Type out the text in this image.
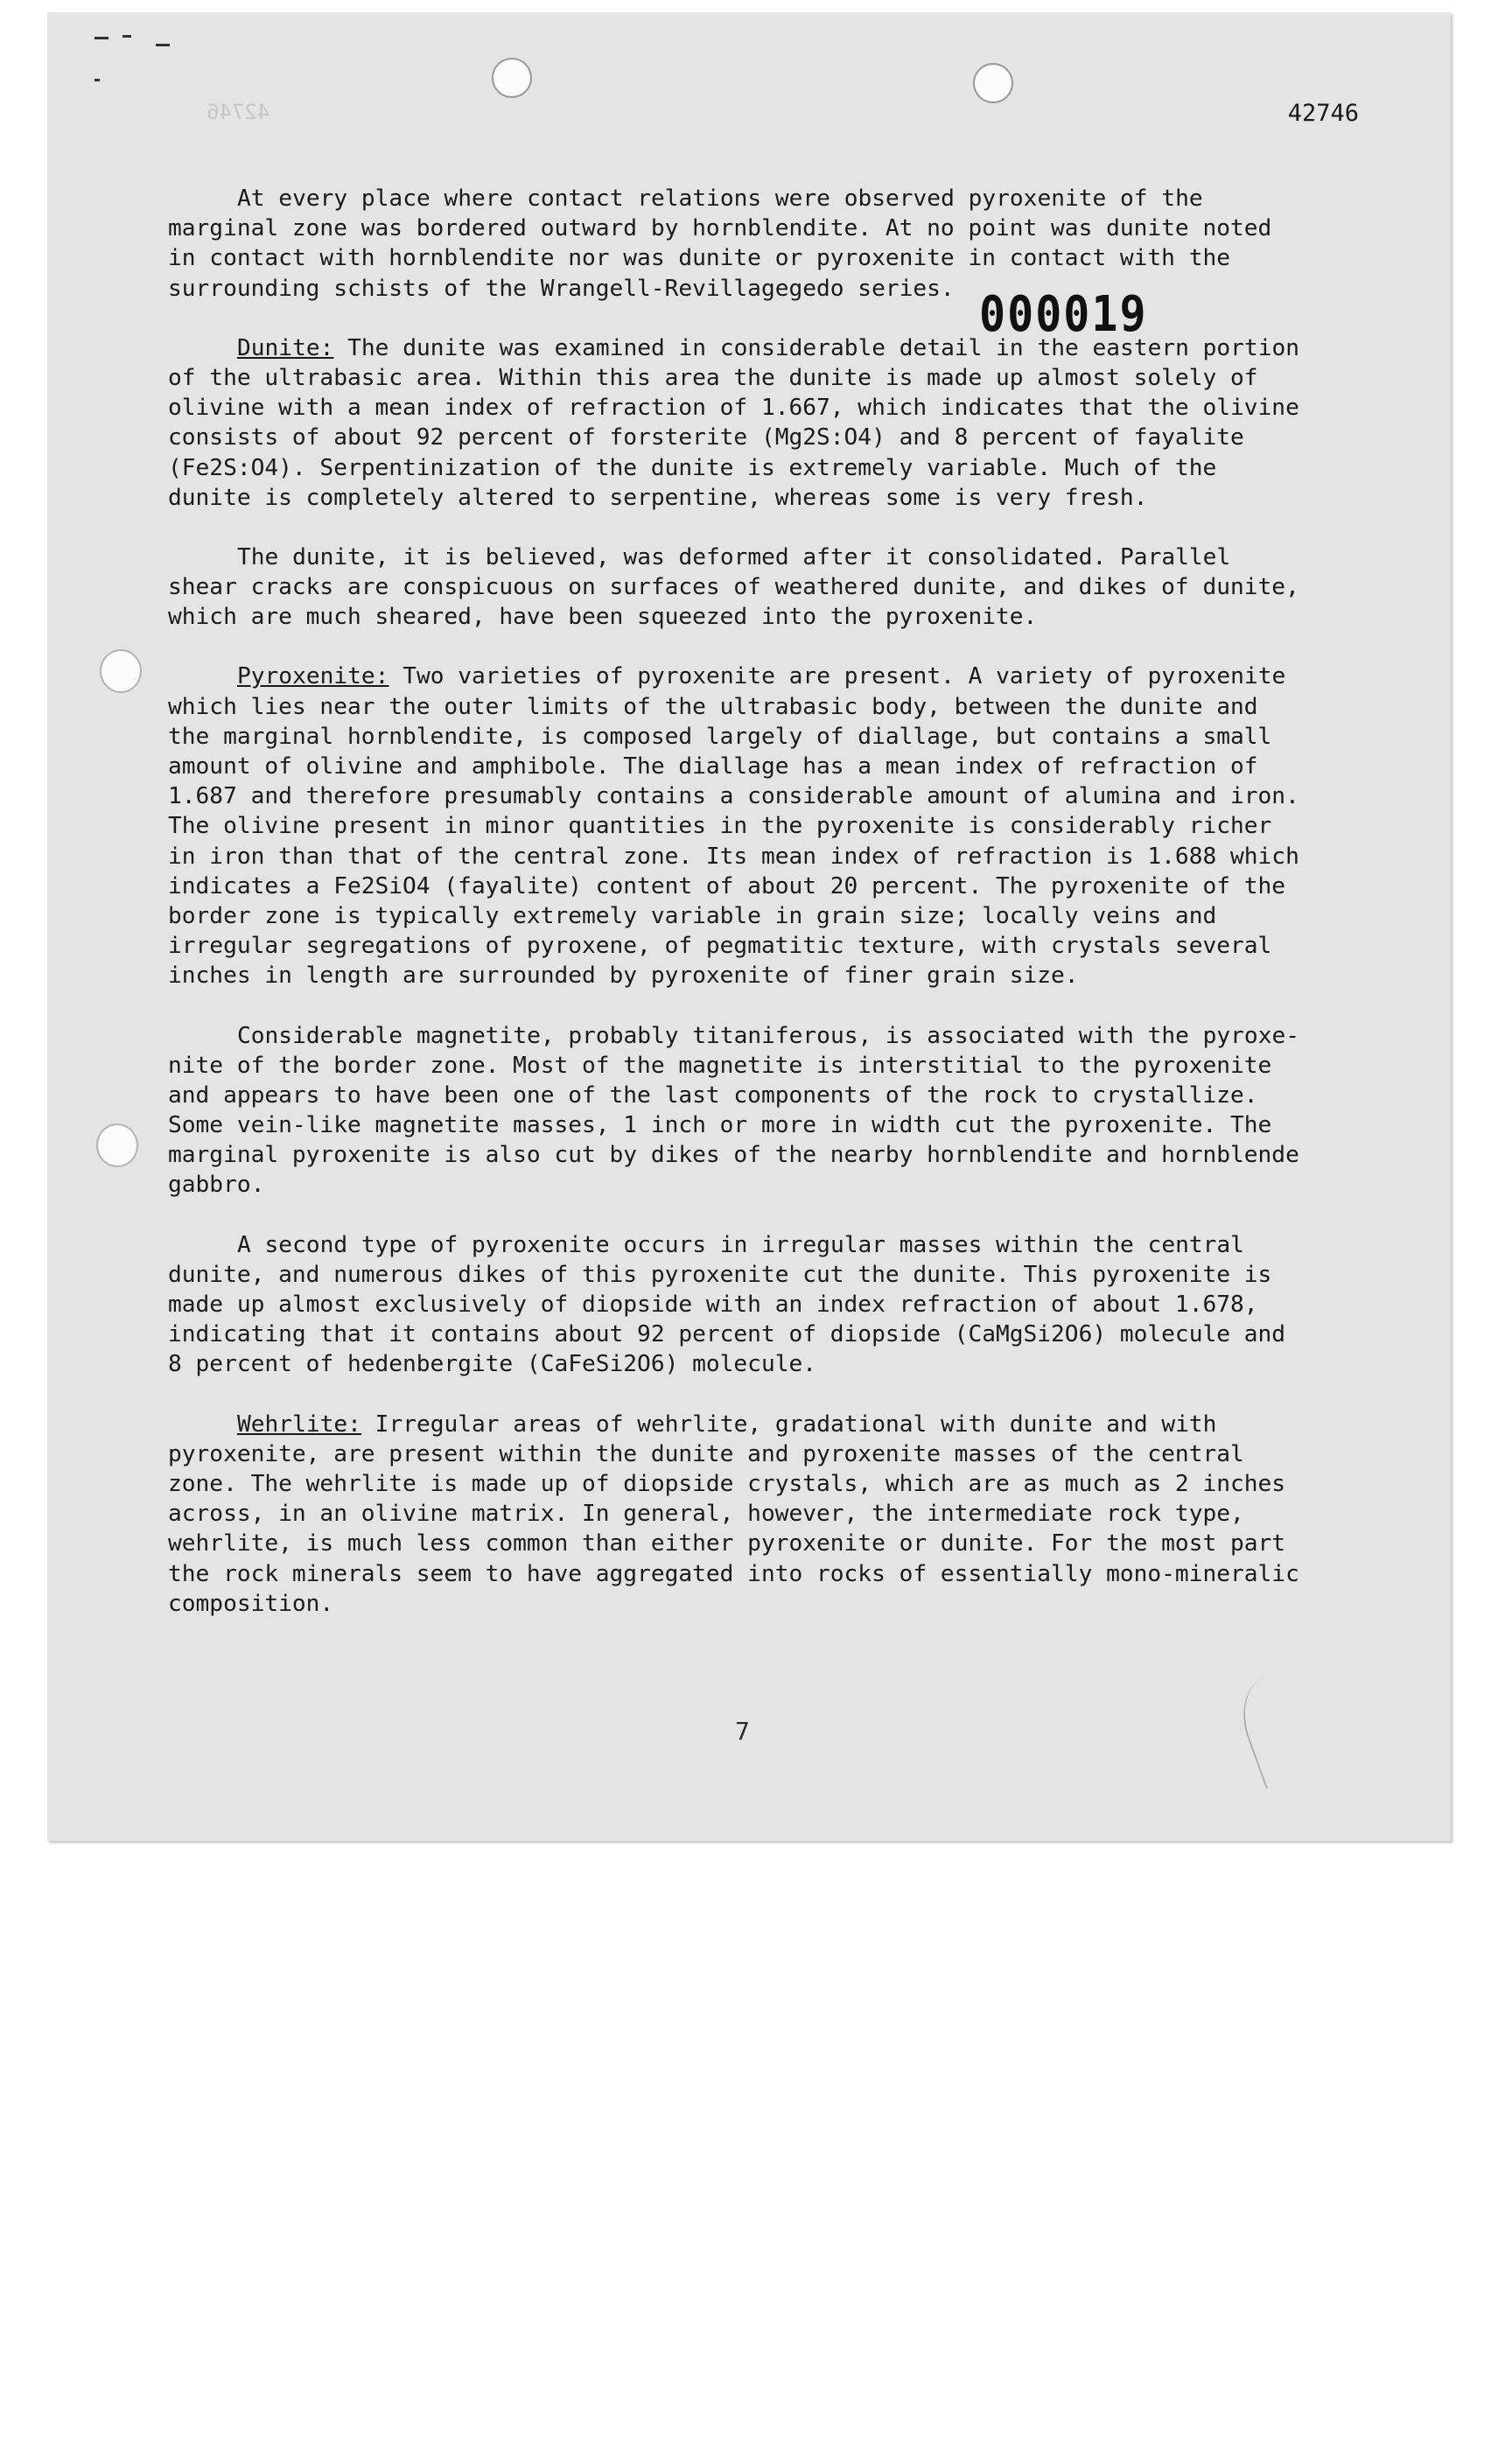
42746	42746
000019
At every place where contact relations were observed pyroxenite of the
marginal zone was bordered outward by hornblendite. At no point was dunite noted
in contact with hornblendite nor was dunite or pyroxenite in contact with the
surrounding schists of the Wrangell-Revillagegedo series.
Dunite: The dunite was examined in considerable detail in the eastern portion
of the ultrabasic area. Within this area the dunite is made up almost solely of
olivine with a mean index of refraction of 1.667, which indicates that the olivine
consists of about 92 percent of forsterite (Mg2S:O4) and 8 percent of fayalite
(Fe2S:O4). Serpentinization of the dunite is extremely variable. Much of the
dunite is completely altered to serpentine, whereas some is very fresh.
The dunite, it is believed, was deformed after it consolidated. Parallel
shear cracks are conspicuous on surfaces of weathered dunite, and dikes of dunite,
which are much sheared, have been squeezed into the pyroxenite.
Pyroxenite: Two varieties of pyroxenite are present. A variety of pyroxenite
which lies near the outer limits of the ultrabasic body, between the dunite and
the marginal hornblendite, is composed largely of diallage, but contains a small
amount of olivine and amphibole. The diallage has a mean index of refraction of
1.687 and therefore presumably contains a considerable amount of alumina and iron.
The olivine present in minor quantities in the pyroxenite is considerably richer
in iron than that of the central zone. Its mean index of refraction is 1.688 which
indicates a Fe2SiO4 (fayalite) content of about 20 percent. The pyroxenite of the
border zone is typically extremely variable in grain size; locally veins and
irregular segregations of pyroxene, of pegmatitic texture, with crystals several
inches in length are surrounded by pyroxenite of finer grain size.
Considerable magnetite, probably titaniferous, is associated with the pyroxe-
nite of the border zone. Most of the magnetite is interstitial to the pyroxenite
and appears to have been one of the last components of the rock to crystallize.
Some vein-like magnetite masses, 1 inch or more in width cut the pyroxenite. The
marginal pyroxenite is also cut by dikes of the nearby hornblendite and hornblende
gabbro.
A second type of pyroxenite occurs in irregular masses within the central
dunite, and numerous dikes of this pyroxenite cut the dunite. This pyroxenite is
made up almost exclusively of diopside with an index refraction of about 1.678,
indicating that it contains about 92 percent of diopside (CaMgSi2O6) molecule and
8 percent of hedenbergite (CaFeSi2O6) molecule.
Wehrlite: Irregular areas of wehrlite, gradational with dunite and with
pyroxenite, are present within the dunite and pyroxenite masses of the central
zone. The wehrlite is made up of diopside crystals, which are as much as 2 inches
across, in an olivine matrix. In general, however, the intermediate rock type,
wehrlite, is much less common than either pyroxenite or dunite. For the most part
the rock minerals seem to have aggregated into rocks of essentially mono-mineralic
composition.
7
